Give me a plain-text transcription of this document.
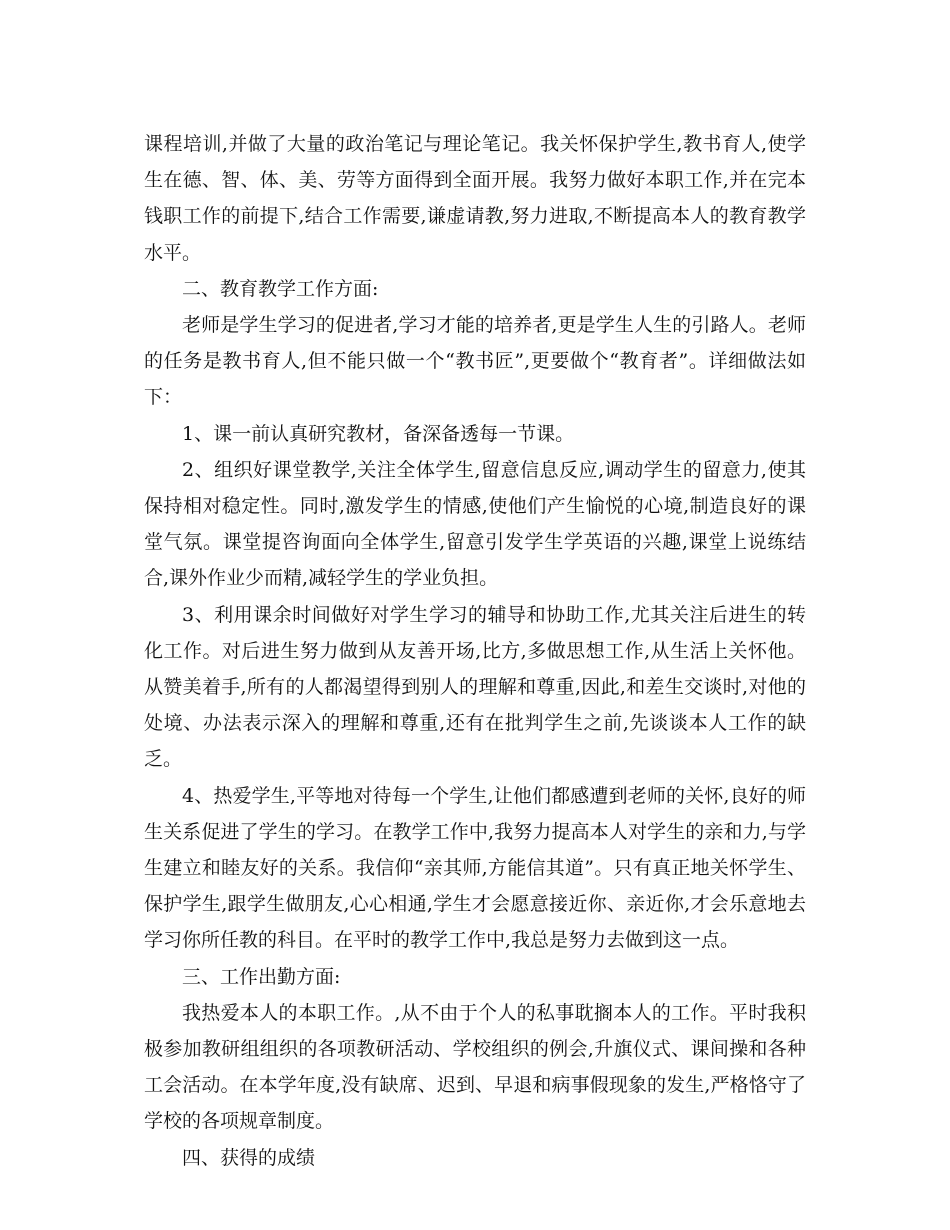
课程培训,并做了大量的政治笔记与理论笔记。我关怀保护学生,教书育人,使学生在德、智、体、美、劳等方面得到全面开展。我努力做好本职工作,并在完本钱职工作的前提下,结合工作需要,谦虚请教,努力进取,不断提高本人的教育教学水平。

二、教育教学工作方面:

老师是学生学习的促进者,学习才能的培养者,更是学生人生的引路人。老师的任务是教书育人,但不能只做一个“教书匠”,更要做个“教育者”。详细做法如下：

1、课一前认真研究教材，备深备透每一节课。

2、组织好课堂教学,关注全体学生,留意信息反应,调动学生的留意力,使其保持相对稳定性。同时,激发学生的情感,使他们产生愉悦的心境,制造良好的课堂气氛。课堂提咨询面向全体学生,留意引发学生学英语的兴趣,课堂上说练结合,课外作业少而精,减轻学生的学业负担。

3、利用课余时间做好对学生学习的辅导和协助工作,尤其关注后进生的转化工作。对后进生努力做到从友善开场,比方,多做思想工作,从生活上关怀他。从赞美着手,所有的人都渴望得到别人的理解和尊重,因此,和差生交谈时,对他的处境、办法表示深入的理解和尊重,还有在批判学生之前,先谈谈本人工作的缺乏。

4、热爱学生,平等地对待每一个学生,让他们都感遭到老师的关怀,良好的师生关系促进了学生的学习。在教学工作中,我努力提高本人对学生的亲和力,与学生建立和睦友好的关系。我信仰“亲其师,方能信其道”。只有真正地关怀学生、保护学生,跟学生做朋友,心心相通,学生才会愿意接近你、亲近你,才会乐意地去学习你所任教的科目。在平时的教学工作中,我总是努力去做到这一点。

三、工作出勤方面:

我热爱本人的本职工作。,从不由于个人的私事耽搁本人的工作。平时我积极参加教研组组织的各项教研活动、学校组织的例会,升旗仪式、课间操和各种工会活动。在本学年度,没有缺席、迟到、早退和病事假现象的发生,严格恪守了学校的各项规章制度。

四、获得的成绩
